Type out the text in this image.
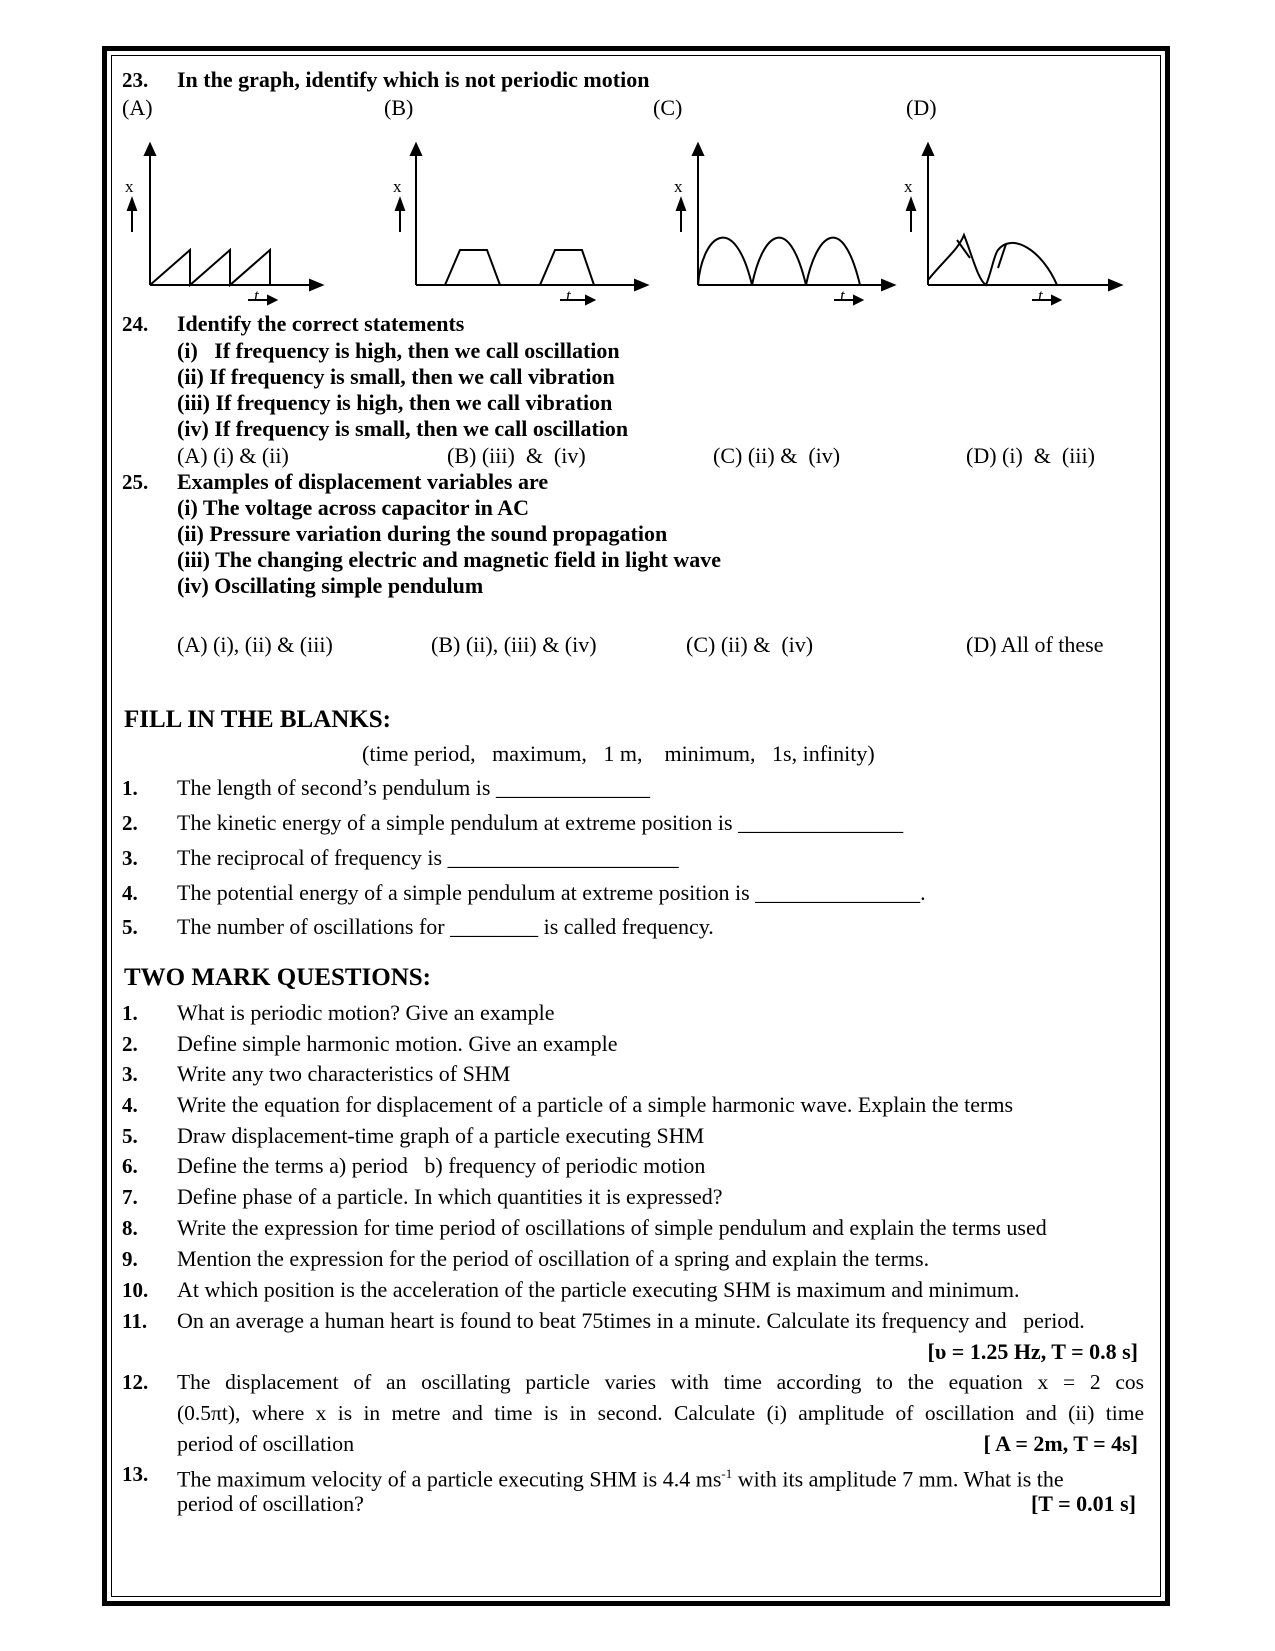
23. In the graph, identify which is not periodic motion
(A)	(B)	(C)	(D)
x
t
x
t
x
t
x
t
24. Identify the correct statements
(i)   If frequency is high, then we call oscillation
(ii) If frequency is small, then we call vibration
(iii) If frequency is high, then we call vibration
(iv) If frequency is small, then we call oscillation
(A) (i) & (ii)	(B) (iii)  &  (iv)	(C) (ii) &  (iv)	(D) (i)  &  (iii)
25. Examples of displacement variables are
(i) The voltage across capacitor in AC
(ii) Pressure variation during the sound propagation
(iii) The changing electric and magnetic field in light wave
(iv) Oscillating simple pendulum
(A) (i), (ii) & (iii)	(B) (ii), (iii) & (iv)	(C) (ii) &  (iv)	(D) All of these
FILL IN THE BLANKS:
(time period,   maximum,   1 m,    minimum,   1s, infinity)
1. The length of second’s pendulum is ______________
2. The kinetic energy of a simple pendulum at extreme position is _______________
3. The reciprocal of frequency is _____________________
4. The potential energy of a simple pendulum at extreme position is _______________.
5. The number of oscillations for ________ is called frequency.
TWO MARK QUESTIONS:
1. What is periodic motion? Give an example
2. Define simple harmonic motion. Give an example
3. Write any two characteristics of SHM
4. Write the equation for displacement of a particle of a simple harmonic wave. Explain the terms
5. Draw displacement-time graph of a particle executing SHM
6. Define the terms a) period   b) frequency of periodic motion
7. Define phase of a particle. In which quantities it is expressed?
8. Write the expression for time period of oscillations of simple pendulum and explain the terms used
9. Mention the expression for the period of oscillation of a spring and explain the terms.
10. At which position is the acceleration of the particle executing SHM is maximum and minimum.
11. On an average a human heart is found to beat 75times in a minute. Calculate its frequency and   period.
[υ = 1.25 Hz, T = 0.8 s]
12. The displacement of an oscillating particle varies with time according to the equation x = 2 cos
(0.5πt), where x is in metre and time is in second. Calculate (i) amplitude of oscillation and (ii) time
period of oscillation	[ A = 2m, T = 4s]
13. The maximum velocity of a particle executing SHM is 4.4 $ms^{-1}$ with its amplitude 7 mm. What is the
period of oscillation?	[T = 0.01 s]
